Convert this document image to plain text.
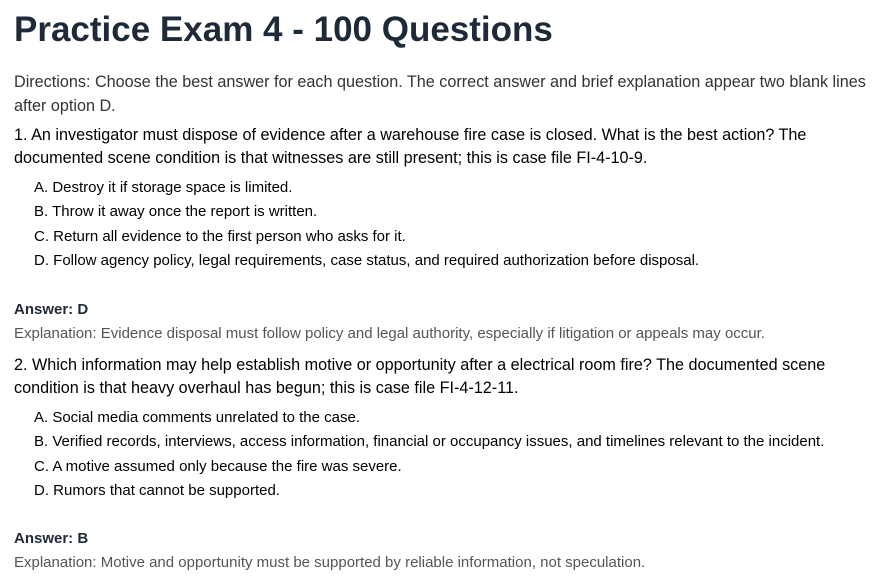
Practice Exam 4 - 100 Questions
Directions: Choose the best answer for each question. The correct answer and brief explanation appear two blank lines after option D.

1. An investigator must dispose of evidence after a warehouse fire case is closed. What is the best action? The documented scene condition is that witnesses are still present; this is case file FI-4-10-9.

A. Destroy it if storage space is limited.
B. Throw it away once the report is written.
C. Return all evidence to the first person who asks for it.
D. Follow agency policy, legal requirements, case status, and required authorization before disposal.
Answer: D
Explanation: Evidence disposal must follow policy and legal authority, especially if litigation or appeals may occur.

2. Which information may help establish motive or opportunity after a electrical room fire? The documented scene condition is that heavy overhaul has begun; this is case file FI-4-12-11.

A. Social media comments unrelated to the case.
B. Verified records, interviews, access information, financial or occupancy issues, and timelines relevant to the incident.
C. A motive assumed only because the fire was severe.
D. Rumors that cannot be supported.
Answer: B
Explanation: Motive and opportunity must be supported by reliable information, not speculation.
